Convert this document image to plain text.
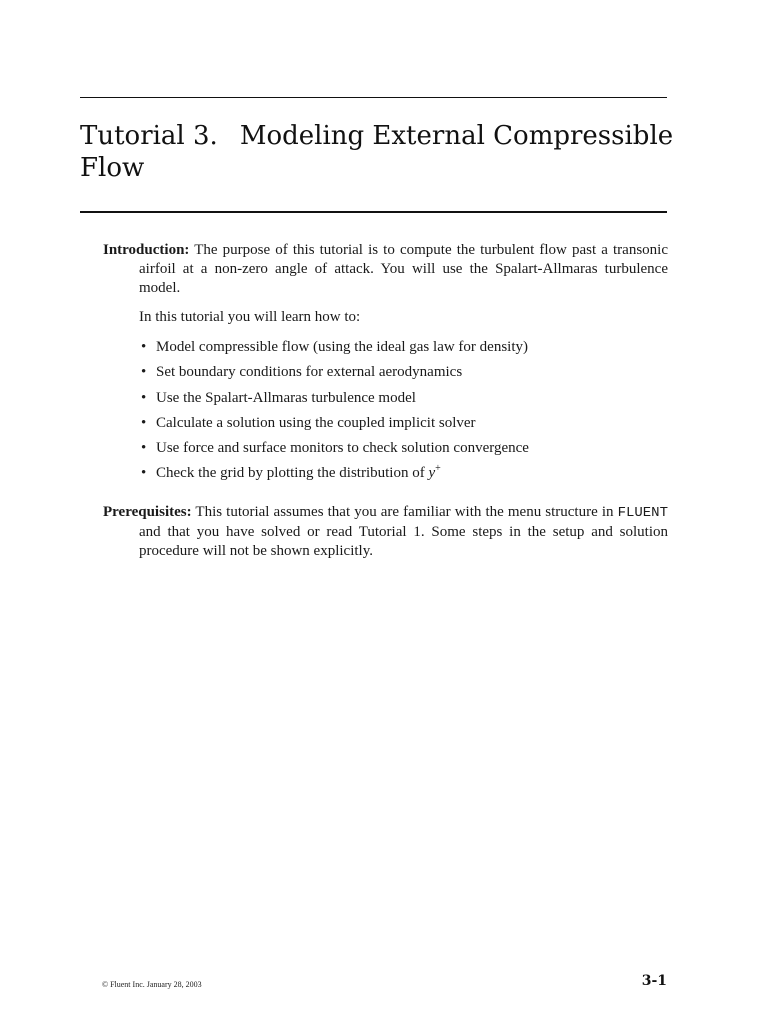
Tutorial 3. Modeling External Compressible Flow

Introduction: The purpose of this tutorial is to compute the turbulent flow past a transonic airfoil at a non-zero angle of attack. You will use the Spalart-Allmaras turbulence model.

In this tutorial you will learn how to:

• Model compressible flow (using the ideal gas law for density)
• Set boundary conditions for external aerodynamics
• Use the Spalart-Allmaras turbulence model
• Calculate a solution using the coupled implicit solver
• Use force and surface monitors to check solution convergence
• Check the grid by plotting the distribution of y+

Prerequisites: This tutorial assumes that you are familiar with the menu structure in FLUENT and that you have solved or read Tutorial 1. Some steps in the setup and solution procedure will not be shown explicitly.

© Fluent Inc. January 28, 2003	3-1
